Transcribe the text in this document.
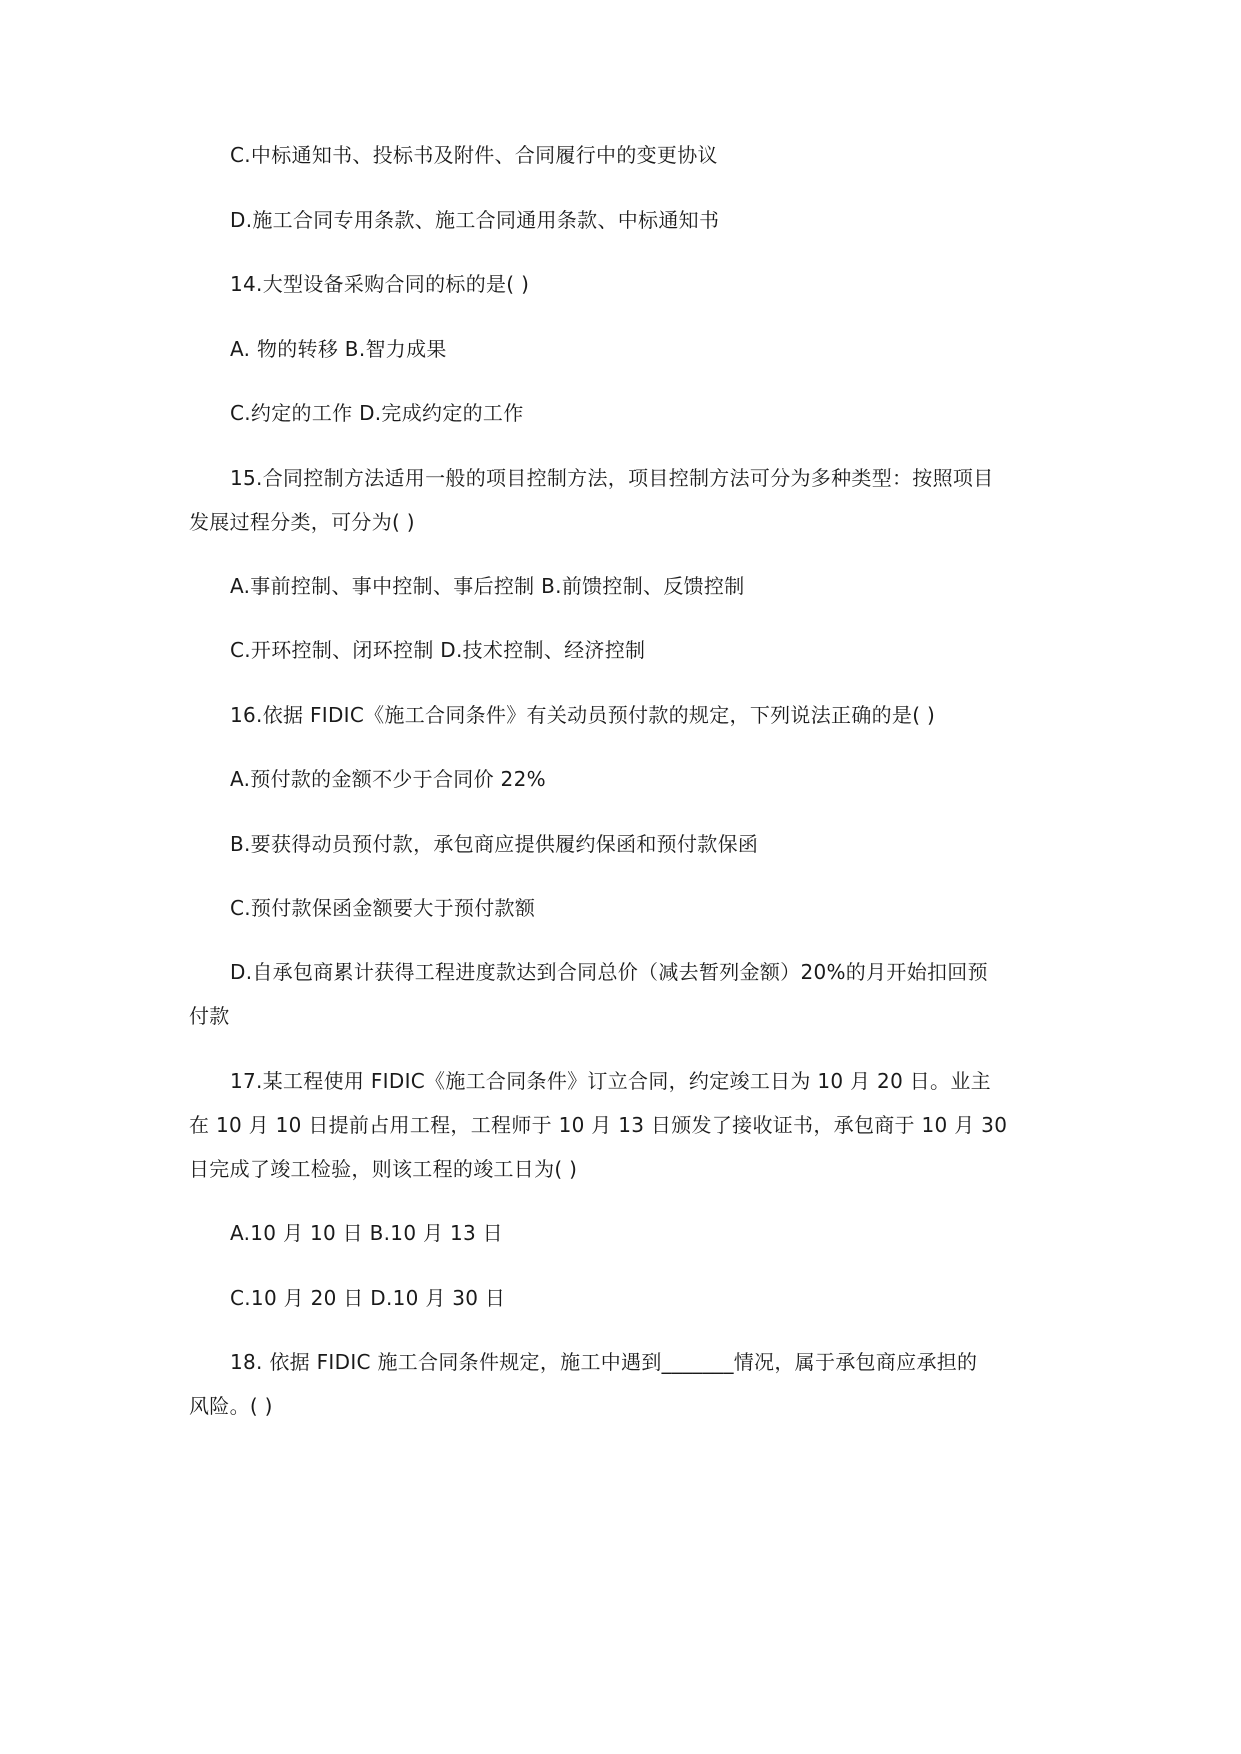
C.中标通知书、投标书及附件、合同履行中的变更协议
D.施工合同专用条款、施工合同通用条款、中标通知书
14.大型设备采购合同的标的是( )
A. 物的转移 B.智力成果
C.约定的工作 D.完成约定的工作
15.合同控制方法适用一般的项目控制方法，项目控制方法可分为多种类型：按照项目
发展过程分类，可分为( )
A.事前控制、事中控制、事后控制 B.前馈控制、反馈控制
C.开环控制、闭环控制 D.技术控制、经济控制
16.依据 FIDIC《施工合同条件》有关动员预付款的规定，下列说法正确的是( )
A.预付款的金额不少于合同价 22%
B.要获得动员预付款，承包商应提供履约保函和预付款保函
C.预付款保函金额要大于预付款额
D.自承包商累计获得工程进度款达到合同总价（减去暂列金额）20%的月开始扣回预
付款
17.某工程使用 FIDIC《施工合同条件》订立合同，约定竣工日为 10 月 20 日。业主
在 10 月 10 日提前占用工程，工程师于 10 月 13 日颁发了接收证书，承包商于 10 月 30
日完成了竣工检验，则该工程的竣工日为( )
A.10 月 10 日 B.10 月 13 日
C.10 月 20 日 D.10 月 30 日
18. 依据 FIDIC 施工合同条件规定，施工中遇到_______情况，属于承包商应承担的
风险。( )
